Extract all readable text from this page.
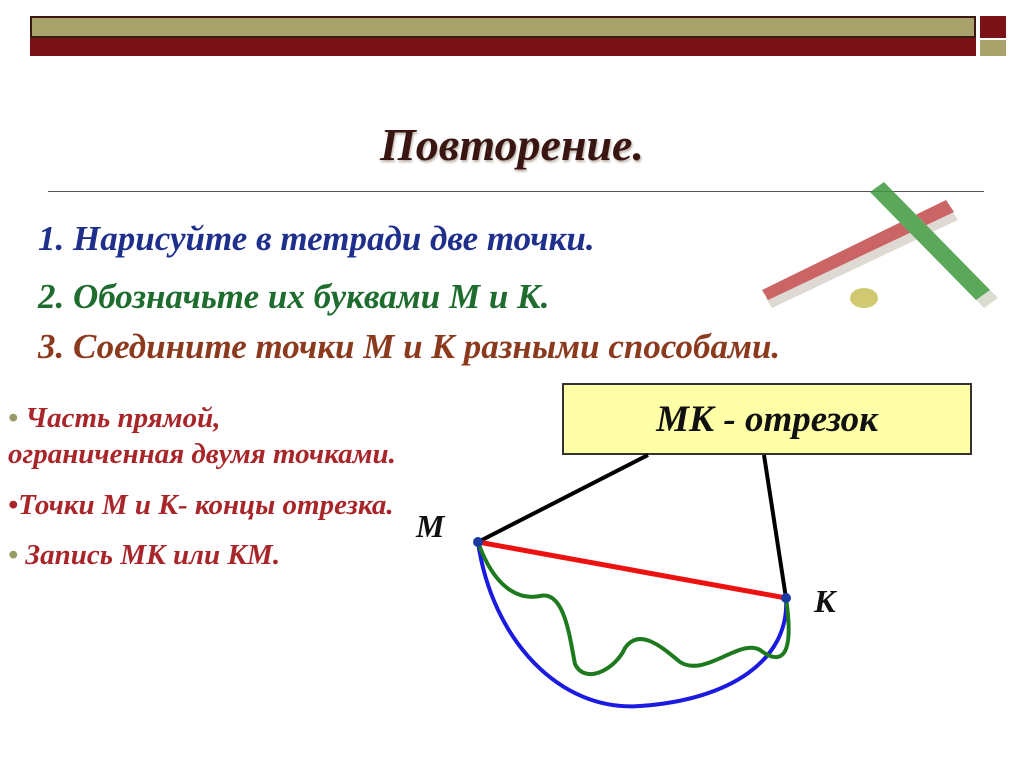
Повторение.
1. Нарисуйте в тетради две точки.
2. Обозначьте их буквами М и К.
3. Соедините точки М и К разными способами.
МК - отрезок
М
К
• Часть прямой, ограниченная двумя точками.
•Точки М и К- концы отрезка.
• Запись МК или КМ.
